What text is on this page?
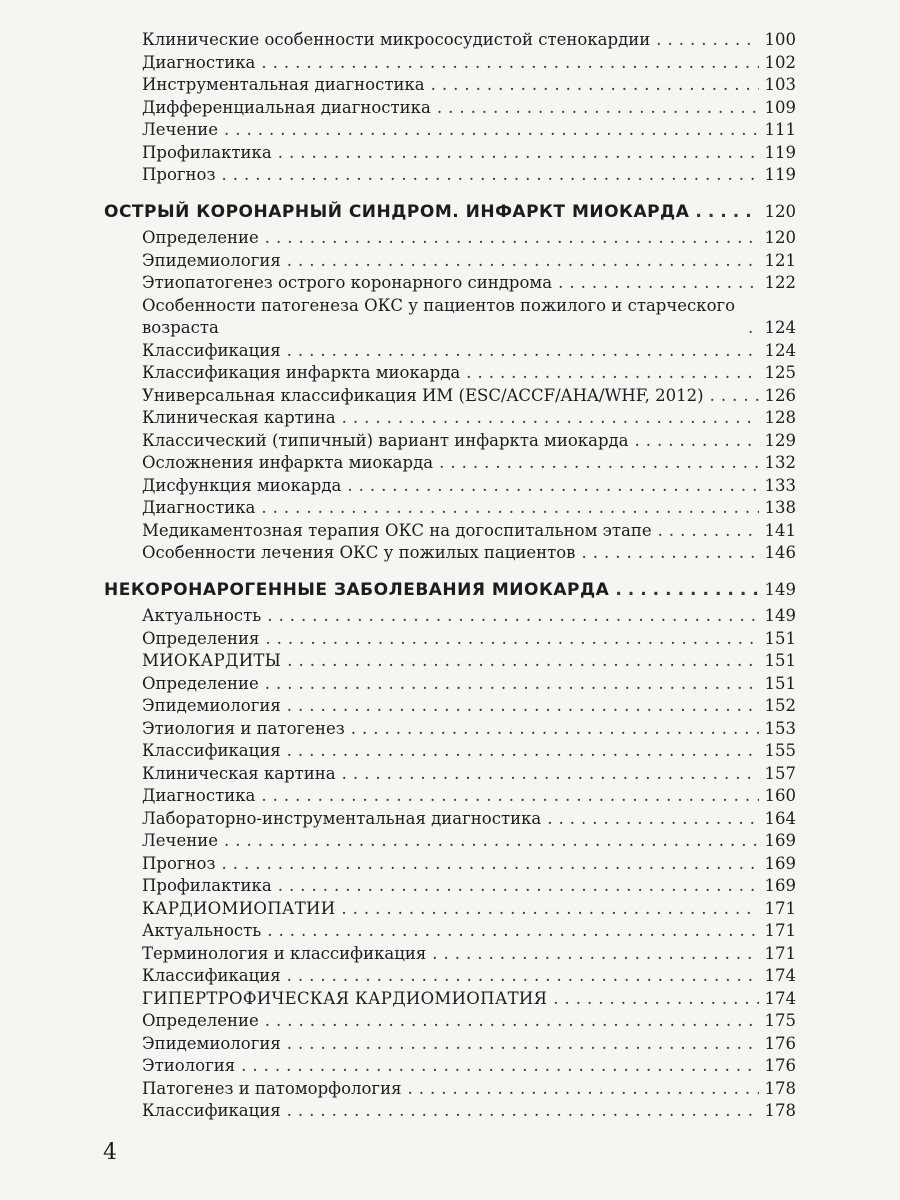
Клинические особенности микрососудистой стенокардии .....	100
Диагностика .....	102
Инструментальная диагностика .....	103
Дифференциальная диагностика .....	109
Лечение .....	111
Профилактика .....	119
Прогноз .....	119
ОСТРЫЙ КОРОНАРНЫЙ СИНДРОМ. ИНФАРКТ МИОКАРДА .....	120
Определение .....	120
Эпидемиология .....	121
Этиопатогенез острого коронарного синдрома .....	122
Особенности патогенеза ОКС у пациентов пожилого и старческого возраста .....	124
Классификация .....	124
Классификация инфаркта миокарда .....	125
Универсальная классификация ИМ (ESC/ACCF/AHA/WHF, 2012) .....	126
Клиническая картина .....	128
Классический (типичный) вариант инфаркта миокарда .....	129
Осложнения инфаркта миокарда .....	132
Дисфункция миокарда .....	133
Диагностика .....	138
Медикаментозная терапия ОКС на догоспитальном этапе .....	141
Особенности лечения ОКС у пожилых пациентов .....	146
НЕКОРОНАРОГЕННЫЕ ЗАБОЛЕВАНИЯ МИОКАРДА .....	149
Актуальность .....	149
Определения .....	151
МИОКАРДИТЫ .....	151
Определение .....	151
Эпидемиология .....	152
Этиология и патогенез .....	153
Классификация .....	155
Клиническая картина .....	157
Диагностика .....	160
Лабораторно-инструментальная диагностика .....	164
Лечение .....	169
Прогноз .....	169
Профилактика .....	169
КАРДИОМИОПАТИИ .....	171
Актуальность .....	171
Терминология и классификация .....	171
Классификация .....	174
ГИПЕРТРОФИЧЕСКАЯ КАРДИОМИОПАТИЯ .....	174
Определение .....	175
Эпидемиология .....	176
Этиология .....	176
Патогенез и патоморфология .....	178
Классификация .....	178
4
